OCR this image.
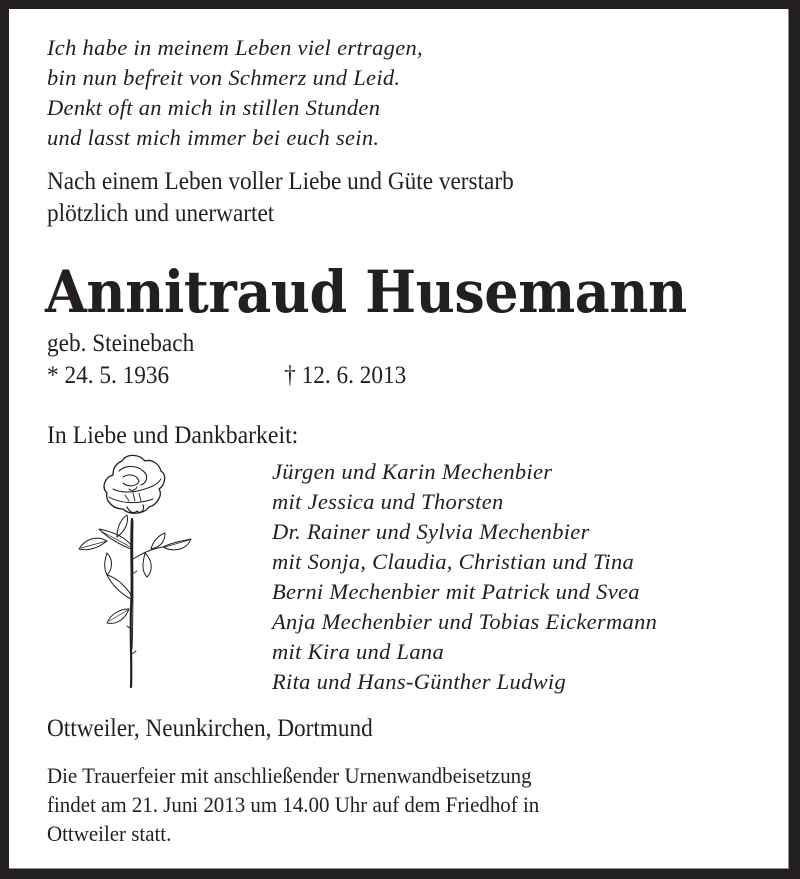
Ich habe in meinem Leben viel ertragen,
bin nun befreit von Schmerz und Leid.
Denkt oft an mich in stillen Stunden
und lasst mich immer bei euch sein.
Nach einem Leben voller Liebe und Güte verstarb
plötzlich und unerwartet
Annitraud Husemann
geb. Steinebach
* 24. 5. 1936	† 12. 6. 2013
In Liebe und Dankbarkeit:
Jürgen und Karin Mechenbier
mit Jessica und Thorsten
Dr. Rainer und Sylvia Mechenbier
mit Sonja, Claudia, Christian und Tina
Berni Mechenbier mit Patrick und Svea
Anja Mechenbier und Tobias Eickermann
mit Kira und Lana
Rita und Hans-Günther Ludwig
Ottweiler, Neunkirchen, Dortmund
Die Trauerfeier mit anschließender Urnenwandbeisetzung
findet am 21. Juni 2013 um 14.00 Uhr auf dem Friedhof in
Ottweiler statt.
